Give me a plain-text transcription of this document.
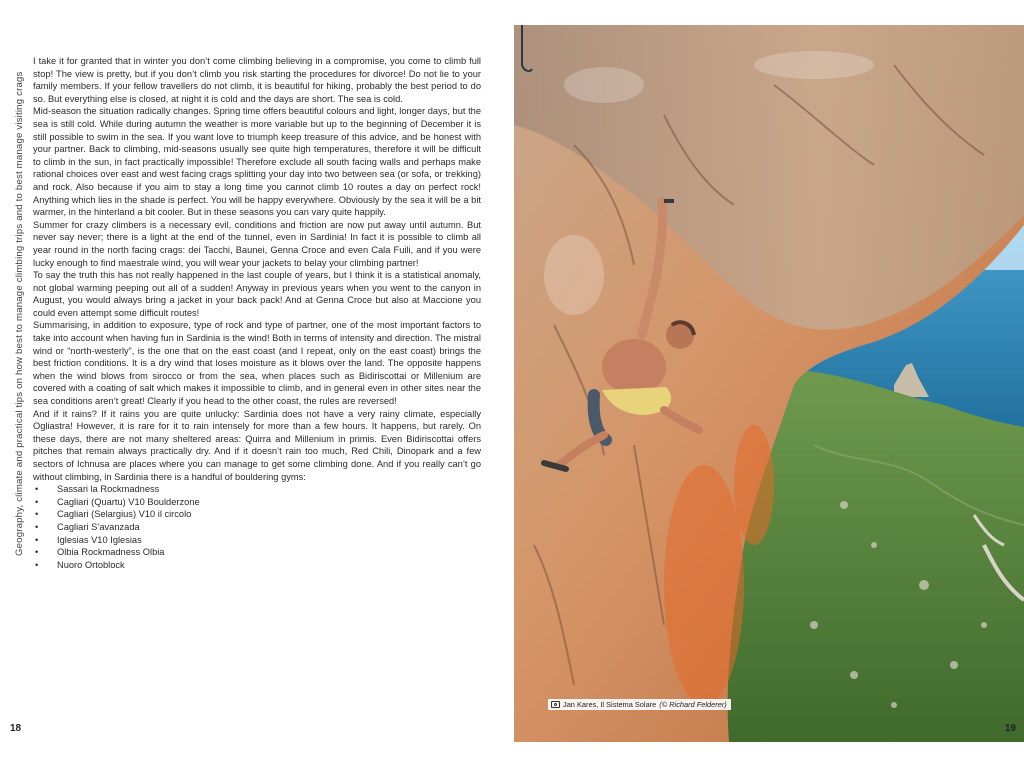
Geography, climate and practical tips on how best to manage climbing trips and to best manage visiting crags

I take it for granted that in winter you don’t come climbing believing in a compromise, you come to climb full stop! The view is pretty, but if you don’t climb you risk starting the procedures for divorce! Do not lie to your family members. If your fellow travellers do not climb, it is beautiful for hiking, probably the best period to do so. But everything else is closed, at night it is cold and the days are short. The sea is cold.

Mid-season the situation radically changes. Spring time offers beautiful colours and light, longer days, but the sea is still cold. While during autumn the weather is more variable but up to the beginning of December it is still possible to swim in the sea. If you want love to triumph keep treasure of this advice, and be honest with your partner. Back to climbing, mid-seasons usually see quite high temperatures, therefore it will be difficult to climb in the sun, in fact practically impossible! Therefore exclude all south facing walls and perhaps make rational choices over east and west facing crags splitting your day into two between sea (or sofa, or trekking) and rock. Also because if you aim to stay a long time you cannot climb 10 routes a day on perfect rock! Anything which lies in the shade is perfect. You will be happy everywhere. Obviously by the sea it will be a bit warmer, in the hinterland a bit cooler. But in these seasons you can vary quite happily.

Summer for crazy climbers is a necessary evil, conditions and friction are now put away until autumn. But never say never; there is a light at the end of the tunnel, even in Sardinia! In fact it is possible to climb all year round in the north facing crags: dei Tacchi, Baunei, Genna Croce and even Cala Fuili, and if you were lucky enough to find maestrale wind, you will wear your jackets to belay your climbing partner!

To say the truth this has not really happened in the last couple of years, but I think it is a statistical anomaly, not global warming peeping out all of a sudden! Anyway in previous years when you went to the canyon in August, you would always bring a jacket in your back pack! And at Genna Croce but also at Maccione you could even attempt some difficult routes!

Summarising, in addition to exposure, type of rock and type of partner, one of the most important factors to take into account when having fun in Sardinia is the wind! Both in terms of intensity and direction. The mistral wind or “north-westerly”, is the one that on the east coast (and I repeat, only on the east coast) brings the best friction conditions. It is a dry wind that loses moisture as it blows over the land. The opposite happens when the wind blows from sirocco or from the sea, when places such as Bidiriscottai or Millenium are covered with a coating of salt which makes it impossible to climb, and in general even in other sites near the sea conditions aren’t great! Clearly if you head to the other coast, the rules are reversed!

And if it rains? If it rains you are quite unlucky: Sardinia does not have a very rainy climate, especially Ogliastra! However, it is rare for it to rain intensely for more than a few hours. It happens, but rarely. On these days, there are not many sheltered areas: Quirra and Millenium in primis. Even Bidiriscottai offers pitches that remain always practically dry. And if it doesn’t rain too much, Red Chili, Dinopark and a few sectors of Ichnusa are places where you can manage to get some climbing done. And if you really can’t go without climbing, in Sardinia there is a handful of bouldering gyms:

• Sassari la Rockmadness
• Cagliari (Quartu) V10 Boulderzone
• Cagliari (Selargius) V10 il circolo
• Cagliari S’avanzada
• Iglesias V10 Iglesias
• Olbia Rockmadness Olbia
• Nuoro Ortoblock
18
Jan Kares, Il Sistema Solare (© Richard Felderer)
19
